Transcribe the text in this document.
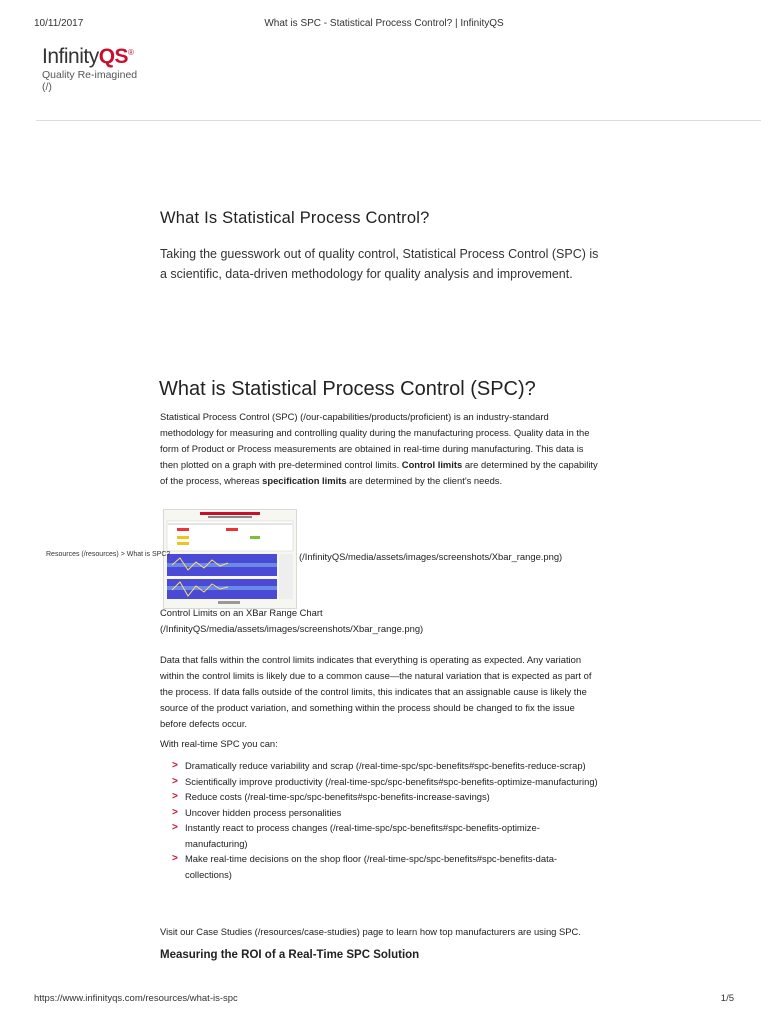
10/11/2017	What is SPC - Statistical Process Control? | InfinityQS
InfinityQS®
Quality Re-imagined
(/)
What Is Statistical Process Control?
Taking the guesswork out of quality control, Statistical Process Control (SPC) is a scientific, data-driven methodology for quality analysis and improvement.
What is Statistical Process Control (SPC)?
Statistical Process Control (SPC) (/our-capabilities/products/proficient) is an industry-standard methodology for measuring and controlling quality during the manufacturing process. Quality data in the form of Product or Process measurements are obtained in real-time during manufacturing. This data is then plotted on a graph with pre-determined control limits. Control limits are determined by the capability of the process, whereas specification limits are determined by the client's needs.
Resources (/resources) > What is SPC?	(/InfinityQS/media/assets/images/screenshots/Xbar_range.png)
Control Limits on an XBar Range Chart
(/InfinityQS/media/assets/images/screenshots/Xbar_range.png)
Data that falls within the control limits indicates that everything is operating as expected. Any variation within the control limits is likely due to a common cause—the natural variation that is expected as part of the process. If data falls outside of the control limits, this indicates that an assignable cause is likely the source of the product variation, and something within the process should be changed to fix the issue before defects occur.
With real-time SPC you can:
> Dramatically reduce variability and scrap (/real-time-spc/spc-benefits#spc-benefits-reduce-scrap)
> Scientifically improve productivity (/real-time-spc/spc-benefits#spc-benefits-optimize-manufacturing)
> Reduce costs (/real-time-spc/spc-benefits#spc-benefits-increase-savings)
> Uncover hidden process personalities
> Instantly react to process changes (/real-time-spc/spc-benefits#spc-benefits-optimize-manufacturing)
> Make real-time decisions on the shop floor (/real-time-spc/spc-benefits#spc-benefits-data-collections)
Visit our Case Studies (/resources/case-studies) page to learn how top manufacturers are using SPC.
Measuring the ROI of a Real-Time SPC Solution
https://www.infinityqs.com/resources/what-is-spc	1/5
